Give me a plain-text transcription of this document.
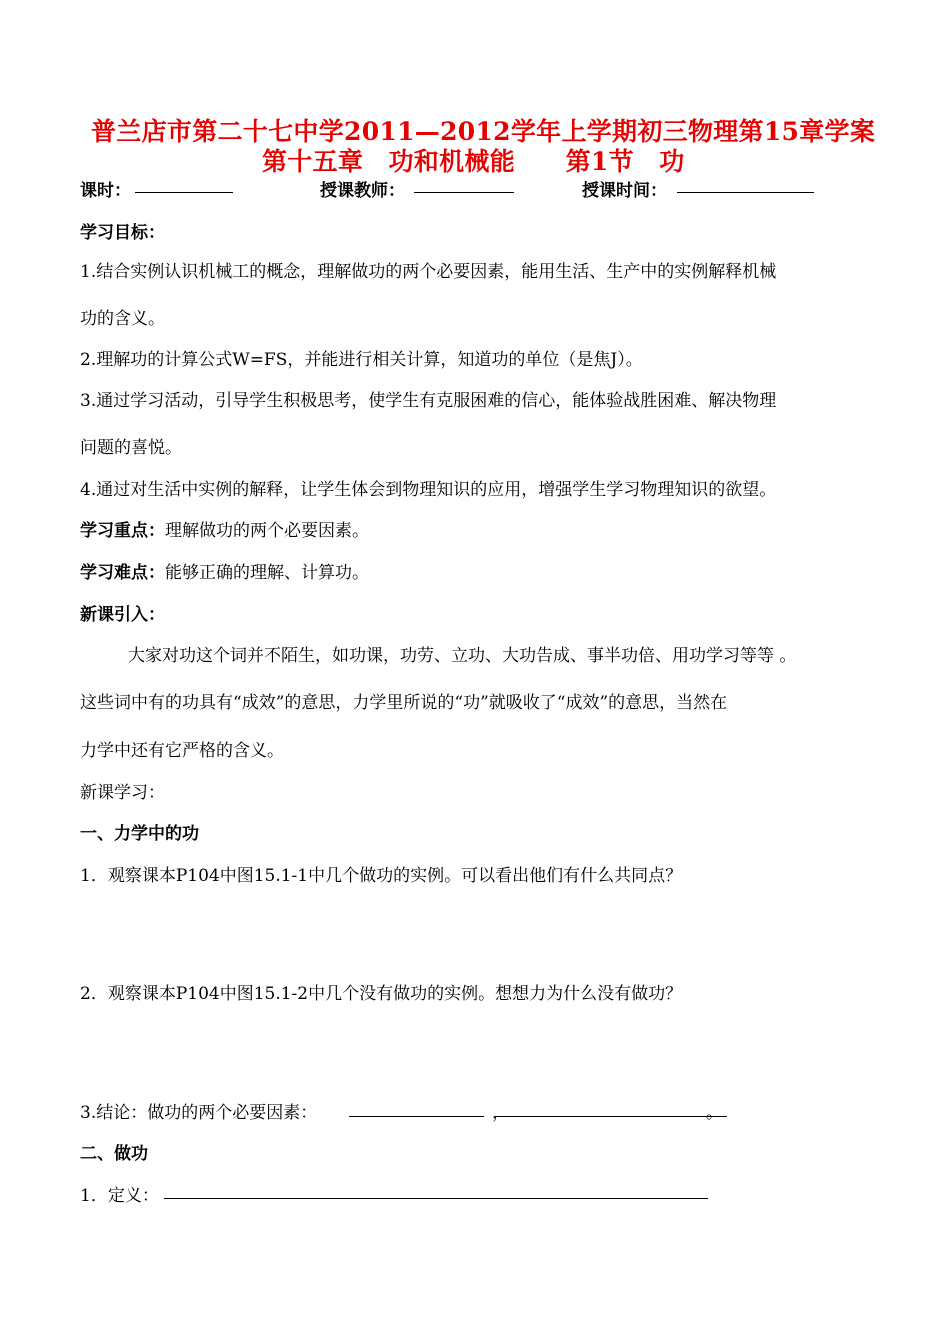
普兰店市第二十七中学2011—2012学年上学期初三物理第15章学案
第十五章　功和机械能　　第1节　功
课时：	授课教师：	授课时间：
学习目标：
1.结合实例认识机械工的概念，理解做功的两个必要因素，能用生活、生产中的实例解释机械
功的含义。
2.理解功的计算公式W=FS，并能进行相关计算，知道功的单位（是焦J）。
3.通过学习活动，引导学生积极思考，使学生有克服困难的信心，能体验战胜困难、解决物理
问题的喜悦。
4.通过对生活中实例的解释，让学生体会到物理知识的应用，增强学生学习物理知识的欲望。
学习重点：理解做功的两个必要因素。
学习难点：能够正确的理解、计算功。
新课引入：
大家对功这个词并不陌生，如功课，功劳、立功、大功告成、事半功倍、用功学习等等 。
这些词中有的功具有“成效”的意思，力学里所说的“功”就吸收了“成效”的意思，当然在
力学中还有它严格的含义。
新课学习：
一、力学中的功
1．观察课本P104中图15.1-1中几个做功的实例。可以看出他们有什么共同点？
2．观察课本P104中图15.1-2中几个没有做功的实例。想想力为什么没有做功？
3.结论：做功的两个必要因素：	，	。
二、做功
1．定义：
